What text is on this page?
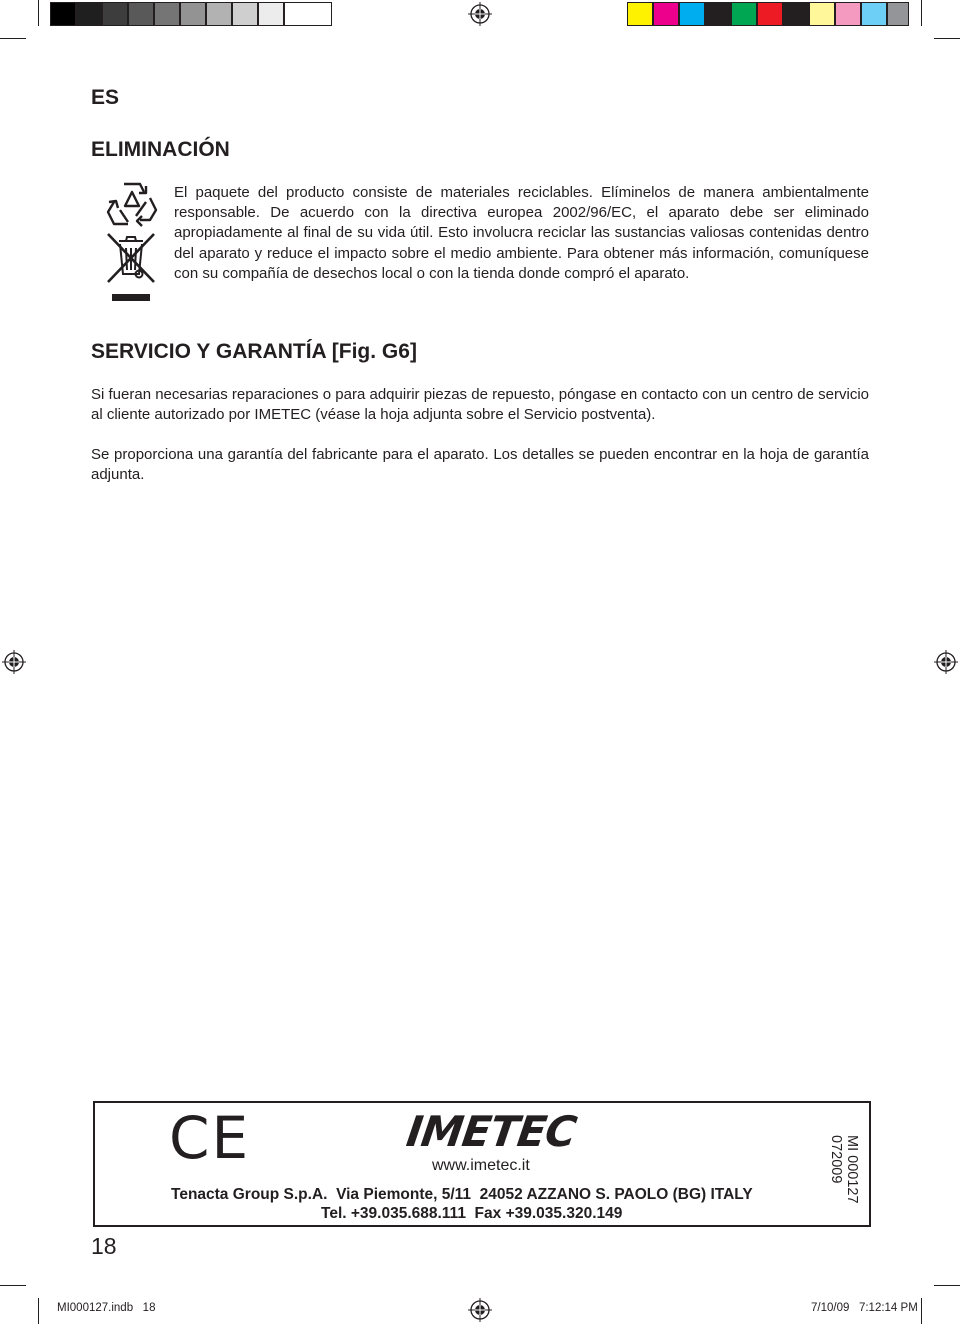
ES
ELIMINACIÓN

El paquete del producto consiste de materiales reciclables. Elíminelos de manera ambientalmente responsable. De acuerdo con la directiva europea 2002/96/EC, el aparato debe ser eliminado apropiadamente al final de su vida útil. Esto involucra reciclar las sustancias valiosas contenidas dentro del aparato y reduce el impacto sobre el medio ambiente. Para obtener más información, comuníquese con su compañía de desechos local o con la tienda donde compró el aparato.

SERVICIO Y GARANTÍA [Fig. G6]

Si fueran necesarias reparaciones o para adquirir piezas de repuesto, póngase en contacto con un centro de servicio al cliente autorizado por IMETEC (véase la hoja adjunta sobre el Servicio postventa).

Se proporciona una garantía del fabricante para el aparato. Los detalles se pueden encontrar en la hoja de garantía adjunta.

CE	IMETEC
www.imetec.it
Tenacta Group S.p.A.  Via Piemonte, 5/11  24052 AZZANO S. PAOLO (BG) ITALY
Tel. +39.035.688.111  Fax +39.035.320.149
MI 000127
072009
18
MI000127.indb   18	7/10/09   7:12:14 PM
